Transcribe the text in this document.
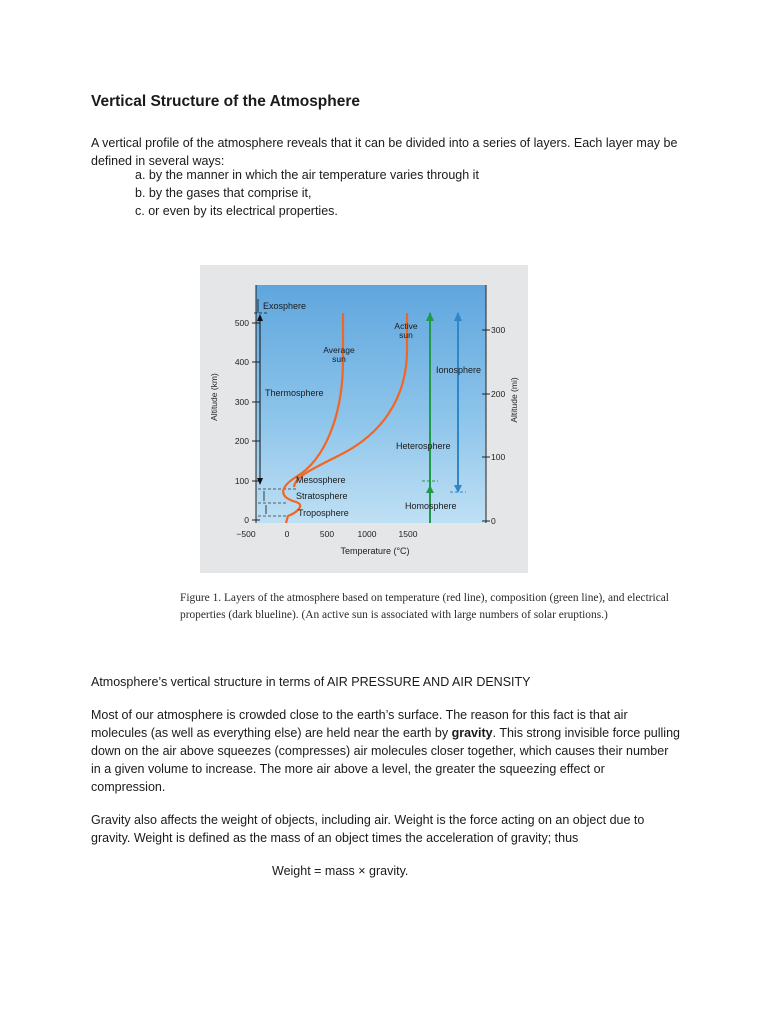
Vertical Structure of the Atmosphere
A vertical profile of the atmosphere reveals that it can be divided into a series of layers. Each layer may be defined in several ways:
a. by the manner in which the air temperature varies through it
b. by the gases that comprise it,
c. or even by its electrical properties.
0
100
200
300
400
500
Altitude (km)
0
100
200
300
Altitude (mi)
−500	0	500	1000	1500
Temperature (°C)
Exosphere
Thermosphere
Ionosphere
Heterosphere
Mesosphere
Stratosphere
Troposphere
Homosphere
Average
sun
Active
sun
Figure 1. Layers of the atmosphere based on temperature (red line), composition (green line), and electrical properties (dark blueline). (An active sun is associated with large numbers of solar eruptions.)
Atmosphere’s vertical structure in terms of AIR PRESSURE AND AIR DENSITY
Most of our atmosphere is crowded close to the earth’s surface. The reason for this fact is that air molecules (as well as everything else) are held near the earth by gravity. This strong invisible force pulling down on the air above squeezes (compresses) air molecules closer together, which causes their number in a given volume to increase. The more air above a level, the greater the squeezing effect or compression.
Gravity also affects the weight of objects, including air. Weight is the force acting on an object due to gravity. Weight is defined as the mass of an object times the acceleration of gravity; thus
Weight = mass × gravity.
